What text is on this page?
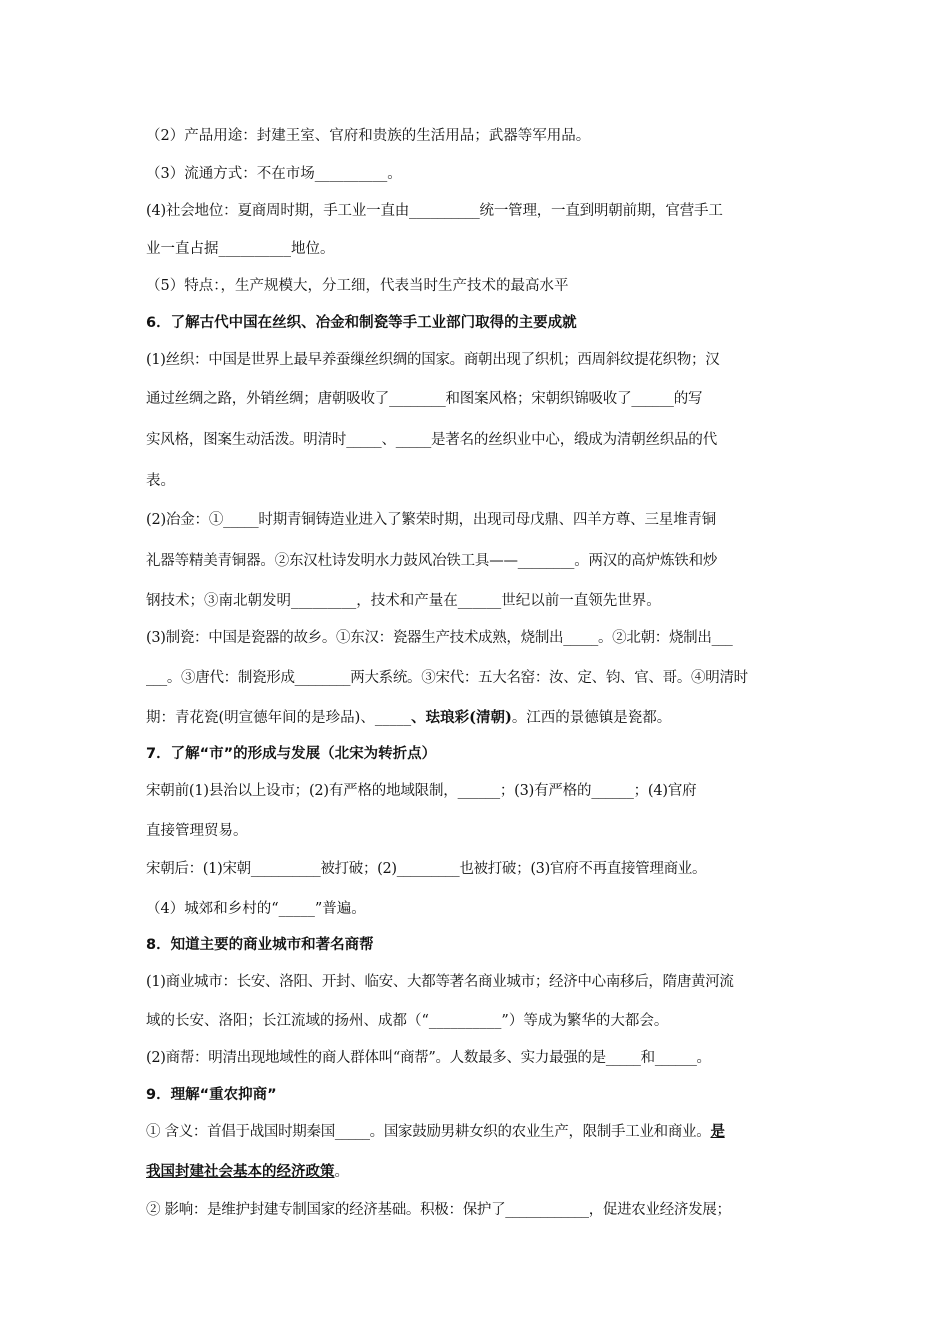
（2）产品用途：封建王室、官府和贵族的生活用品；武器等军用品。
（3）流通方式：不在市场__________。
(4)社会地位：夏商周时期，手工业一直由__________统一管理，一直到明朝前期，官营手工
业一直占据__________地位。
（5）特点：，生产规模大，分工细，代表当时生产技术的最高水平
6．了解古代中国在丝织、冶金和制瓷等手工业部门取得的主要成就
(1)丝织：中国是世界上最早养蚕缫丝织绸的国家。商朝出现了织机；西周斜纹提花织物；汉
通过丝绸之路，外销丝绸；唐朝吸收了________和图案风格；宋朝织锦吸收了______的写
实风格，图案生动活泼。明清时_____、_____是著名的丝织业中心，缎成为清朝丝织品的代
表。
(2)冶金：①_____时期青铜铸造业进入了繁荣时期，出现司母戊鼎、四羊方尊、三星堆青铜
礼器等精美青铜器。②东汉杜诗发明水力鼓风冶铁工具——________。两汉的高炉炼铁和炒
钢技术；③南北朝发明_________，技术和产量在______世纪以前一直领先世界。
(3)制瓷：中国是瓷器的故乡。①东汉：瓷器生产技术成熟，烧制出_____。②北朝：烧制出___
___。③唐代：制瓷形成________两大系统。③宋代：五大名窑：汝、定、钧、官、哥。④明清时
期：青花瓷(明宣德年间的是珍品)、_____、珐琅彩(清朝)。江西的景德镇是瓷都。
7．了解“市”的形成与发展（北宋为转折点）
宋朝前(1)县治以上设市；(2)有严格的地域限制，______；(3)有严格的______；(4)官府
直接管理贸易。
宋朝后：(1)宋朝__________被打破；(2)_________也被打破；(3)官府不再直接管理商业。
（4）城郊和乡村的“_____”普遍。
8．知道主要的商业城市和著名商帮
(1)商业城市：长安、洛阳、开封、临安、大都等著名商业城市；经济中心南移后，隋唐黄河流
域的长安、洛阳；长江流域的扬州、成都（“__________”）等成为繁华的大都会。
(2)商帮：明清出现地域性的商人群体叫“商帮”。人数最多、实力最强的是_____和______。
9．理解“重农抑商”
① 含义：首倡于战国时期秦国_____。国家鼓励男耕女织的农业生产，限制手工业和商业。是
我国封建社会基本的经济政策。
② 影响：是维护封建专制国家的经济基础。积极：保护了____________，促进农业经济发展；
